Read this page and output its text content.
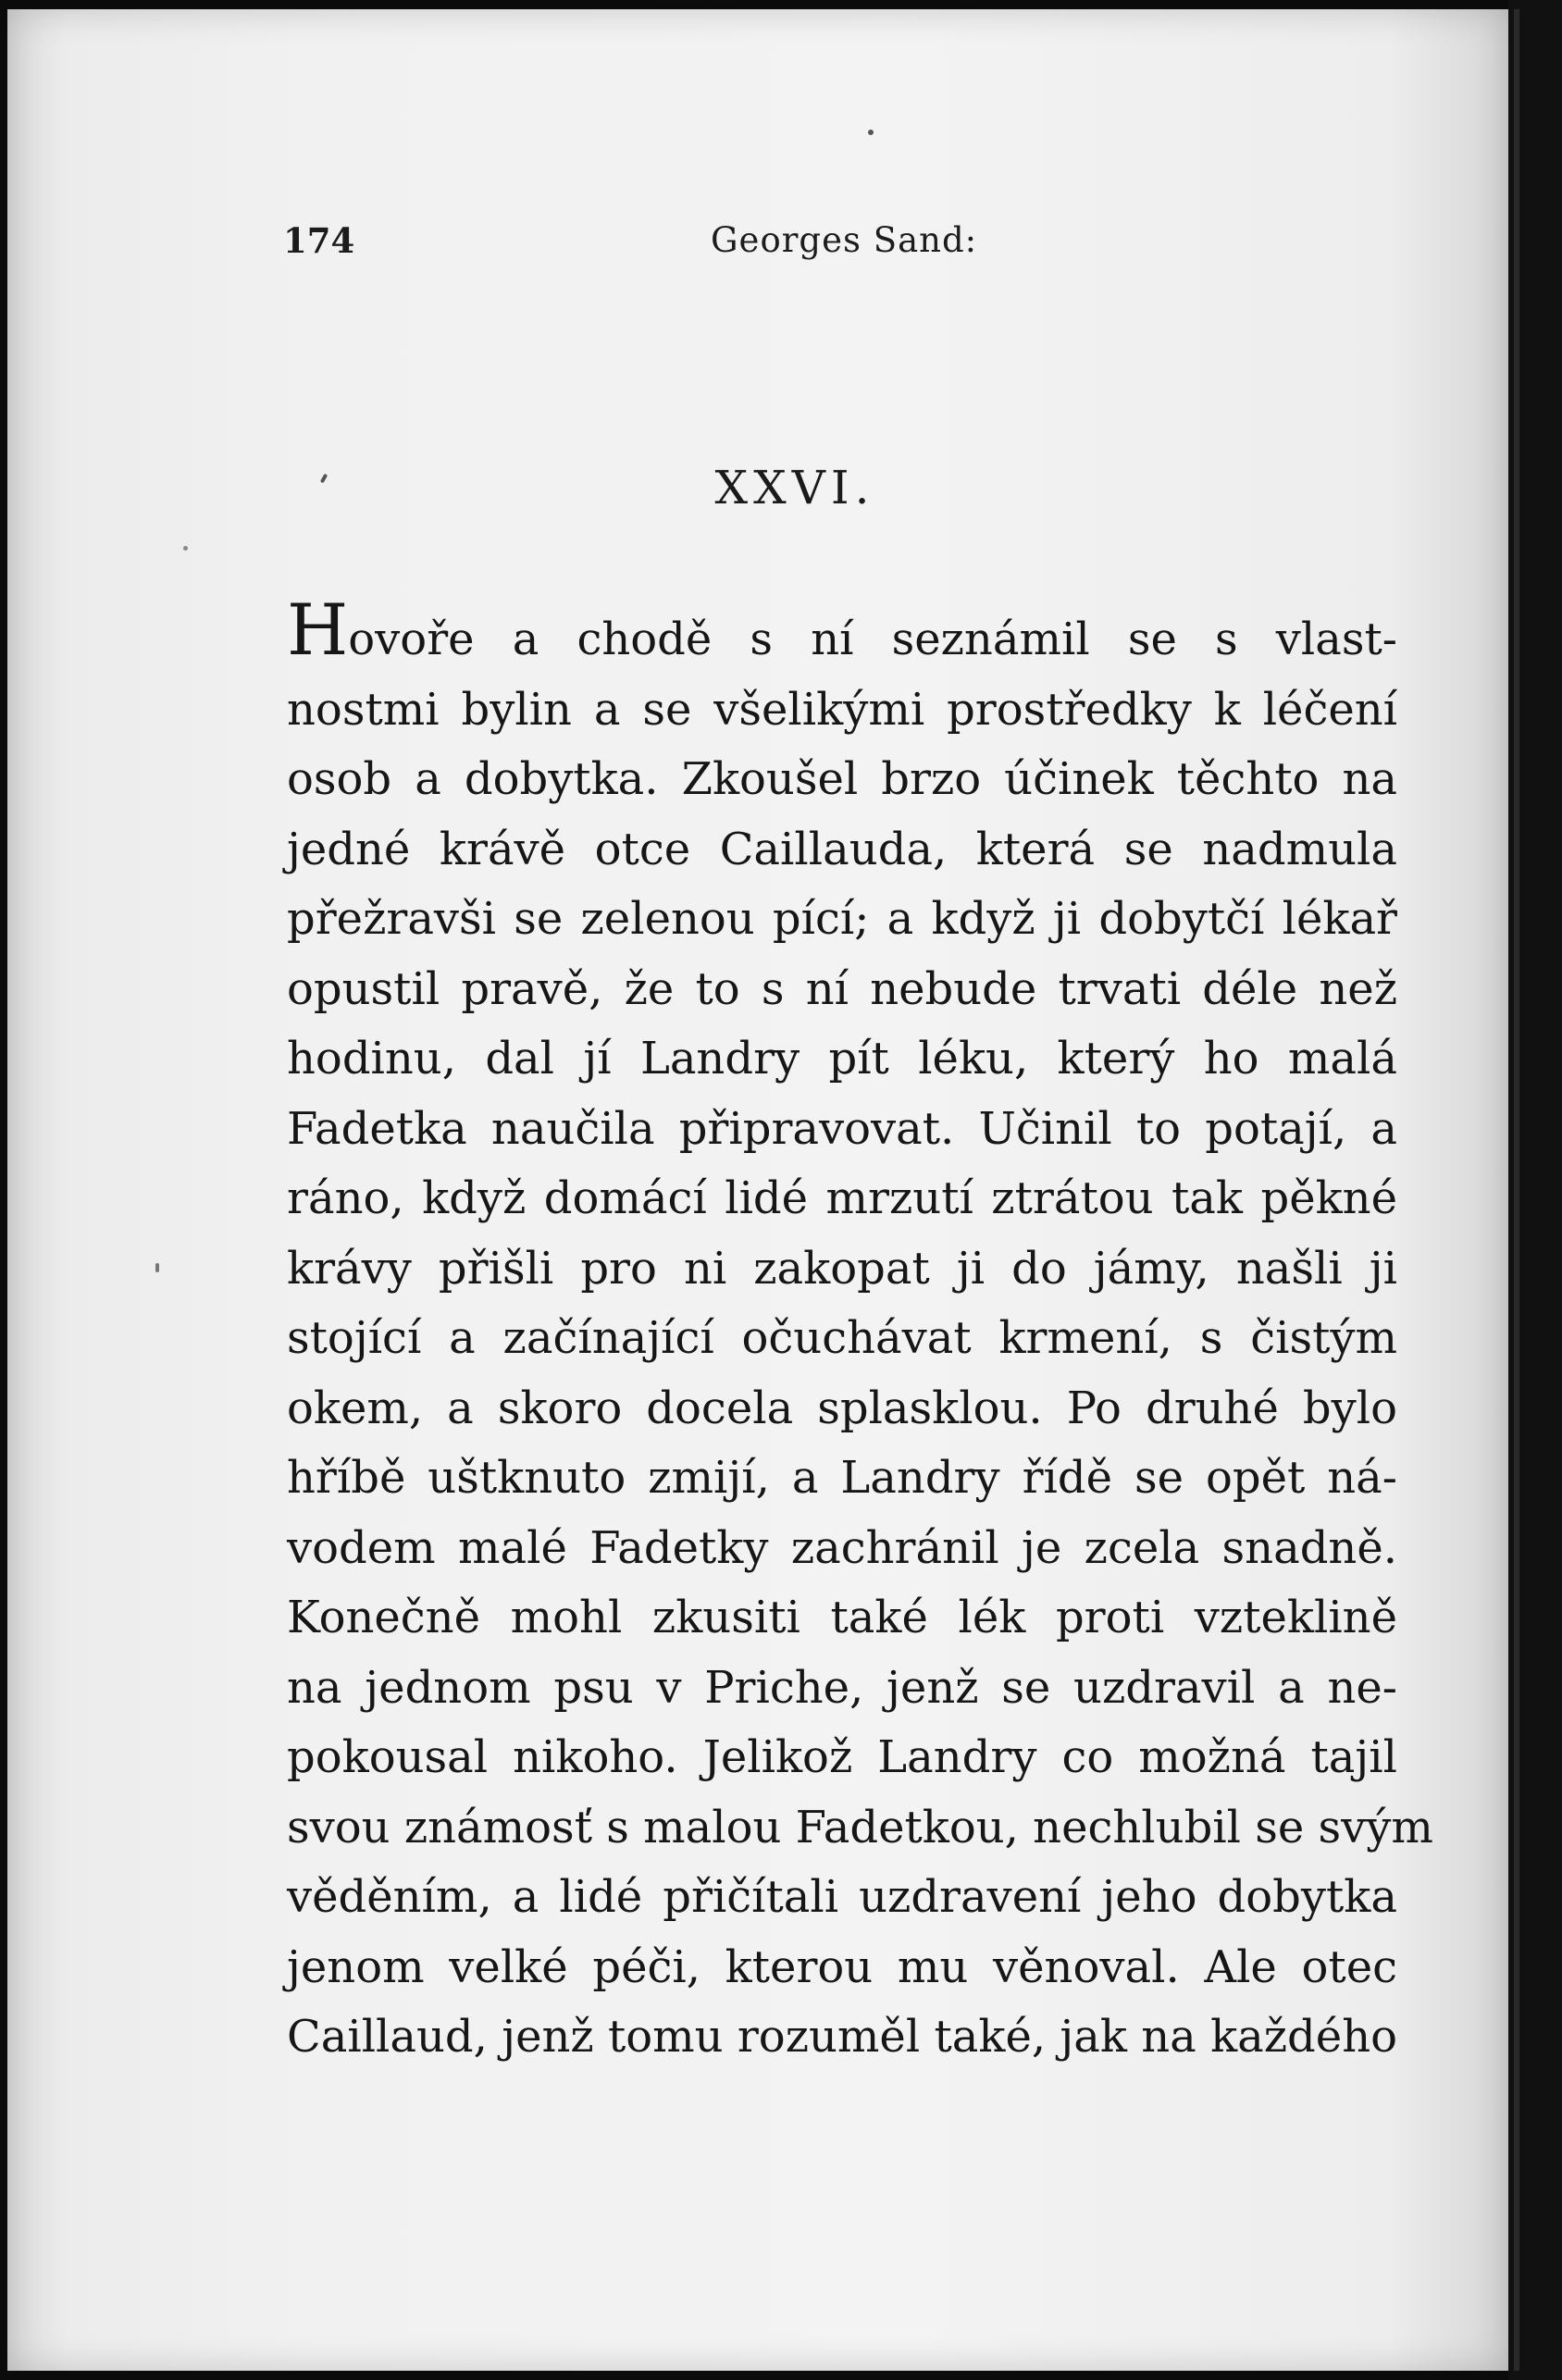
174	Georges Sand:
XXVI.
Hovoře a chodě s ní seznámil se s vlast-
nostmi bylin a se všelikými prostředky k léčení
osob a dobytka. Zkoušel brzo účinek těchto na
jedné krávě otce Caillauda, která se nadmula
přežravši se zelenou pící; a když ji dobytčí lékař
opustil pravě, že to s ní nebude trvati déle než
hodinu, dal jí Landry pít léku, který ho malá
Fadetka naučila připravovat. Učinil to potají, a
ráno, když domácí lidé mrzutí ztrátou tak pěkné
krávy přišli pro ni zakopat ji do jámy, našli ji
stojící a začínající očuchávat krmení, s čistým
okem, a skoro docela splasklou. Po druhé bylo
hříbě uštknuto zmijí, a Landry řídě se opět ná-
vodem malé Fadetky zachránil je zcela snadně.
Konečně mohl zkusiti také lék proti vzteklině
na jednom psu v Priche, jenž se uzdravil a ne-
pokousal nikoho. Jelikož Landry co možná tajil
svou známosť s malou Fadetkou, nechlubil se svým
věděním, a lidé přičítali uzdravení jeho dobytka
jenom velké péči, kterou mu věnoval. Ale otec
Caillaud, jenž tomu rozuměl také, jak na každého
